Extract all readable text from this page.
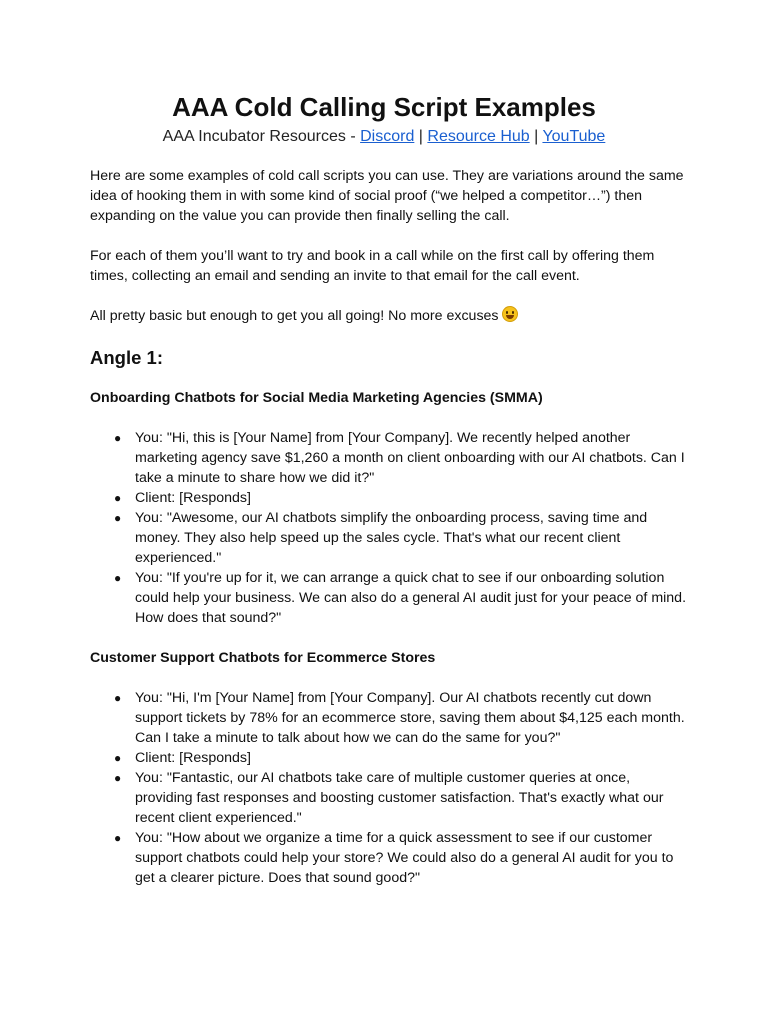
AAA Cold Calling Script Examples
AAA Incubator Resources - Discord | Resource Hub | YouTube

Here are some examples of cold call scripts you can use. They are variations around the same idea of hooking them in with some kind of social proof (“we helped a competitor…”) then expanding on the value you can provide then finally selling the call.

For each of them you’ll want to try and book in a call while on the first call by offering them times, collecting an email and sending an invite to that email for the call event.

All pretty basic but enough to get you all going! No more excuses

Angle 1:

Onboarding Chatbots for Social Media Marketing Agencies (SMMA)

● You: "Hi, this is [Your Name] from [Your Company]. We recently helped another marketing agency save $1,260 a month on client onboarding with our AI chatbots. Can I take a minute to share how we did it?"
● Client: [Responds]
● You: "Awesome, our AI chatbots simplify the onboarding process, saving time and money. They also help speed up the sales cycle. That's what our recent client experienced."
● You: "If you're up for it, we can arrange a quick chat to see if our onboarding solution could help your business. We can also do a general AI audit just for your peace of mind. How does that sound?"

Customer Support Chatbots for Ecommerce Stores

● You: "Hi, I'm [Your Name] from [Your Company]. Our AI chatbots recently cut down support tickets by 78% for an ecommerce store, saving them about $4,125 each month. Can I take a minute to talk about how we can do the same for you?"
● Client: [Responds]
● You: "Fantastic, our AI chatbots take care of multiple customer queries at once, providing fast responses and boosting customer satisfaction. That's exactly what our recent client experienced."
● You: "How about we organize a time for a quick assessment to see if our customer support chatbots could help your store? We could also do a general AI audit for you to get a clearer picture. Does that sound good?"
